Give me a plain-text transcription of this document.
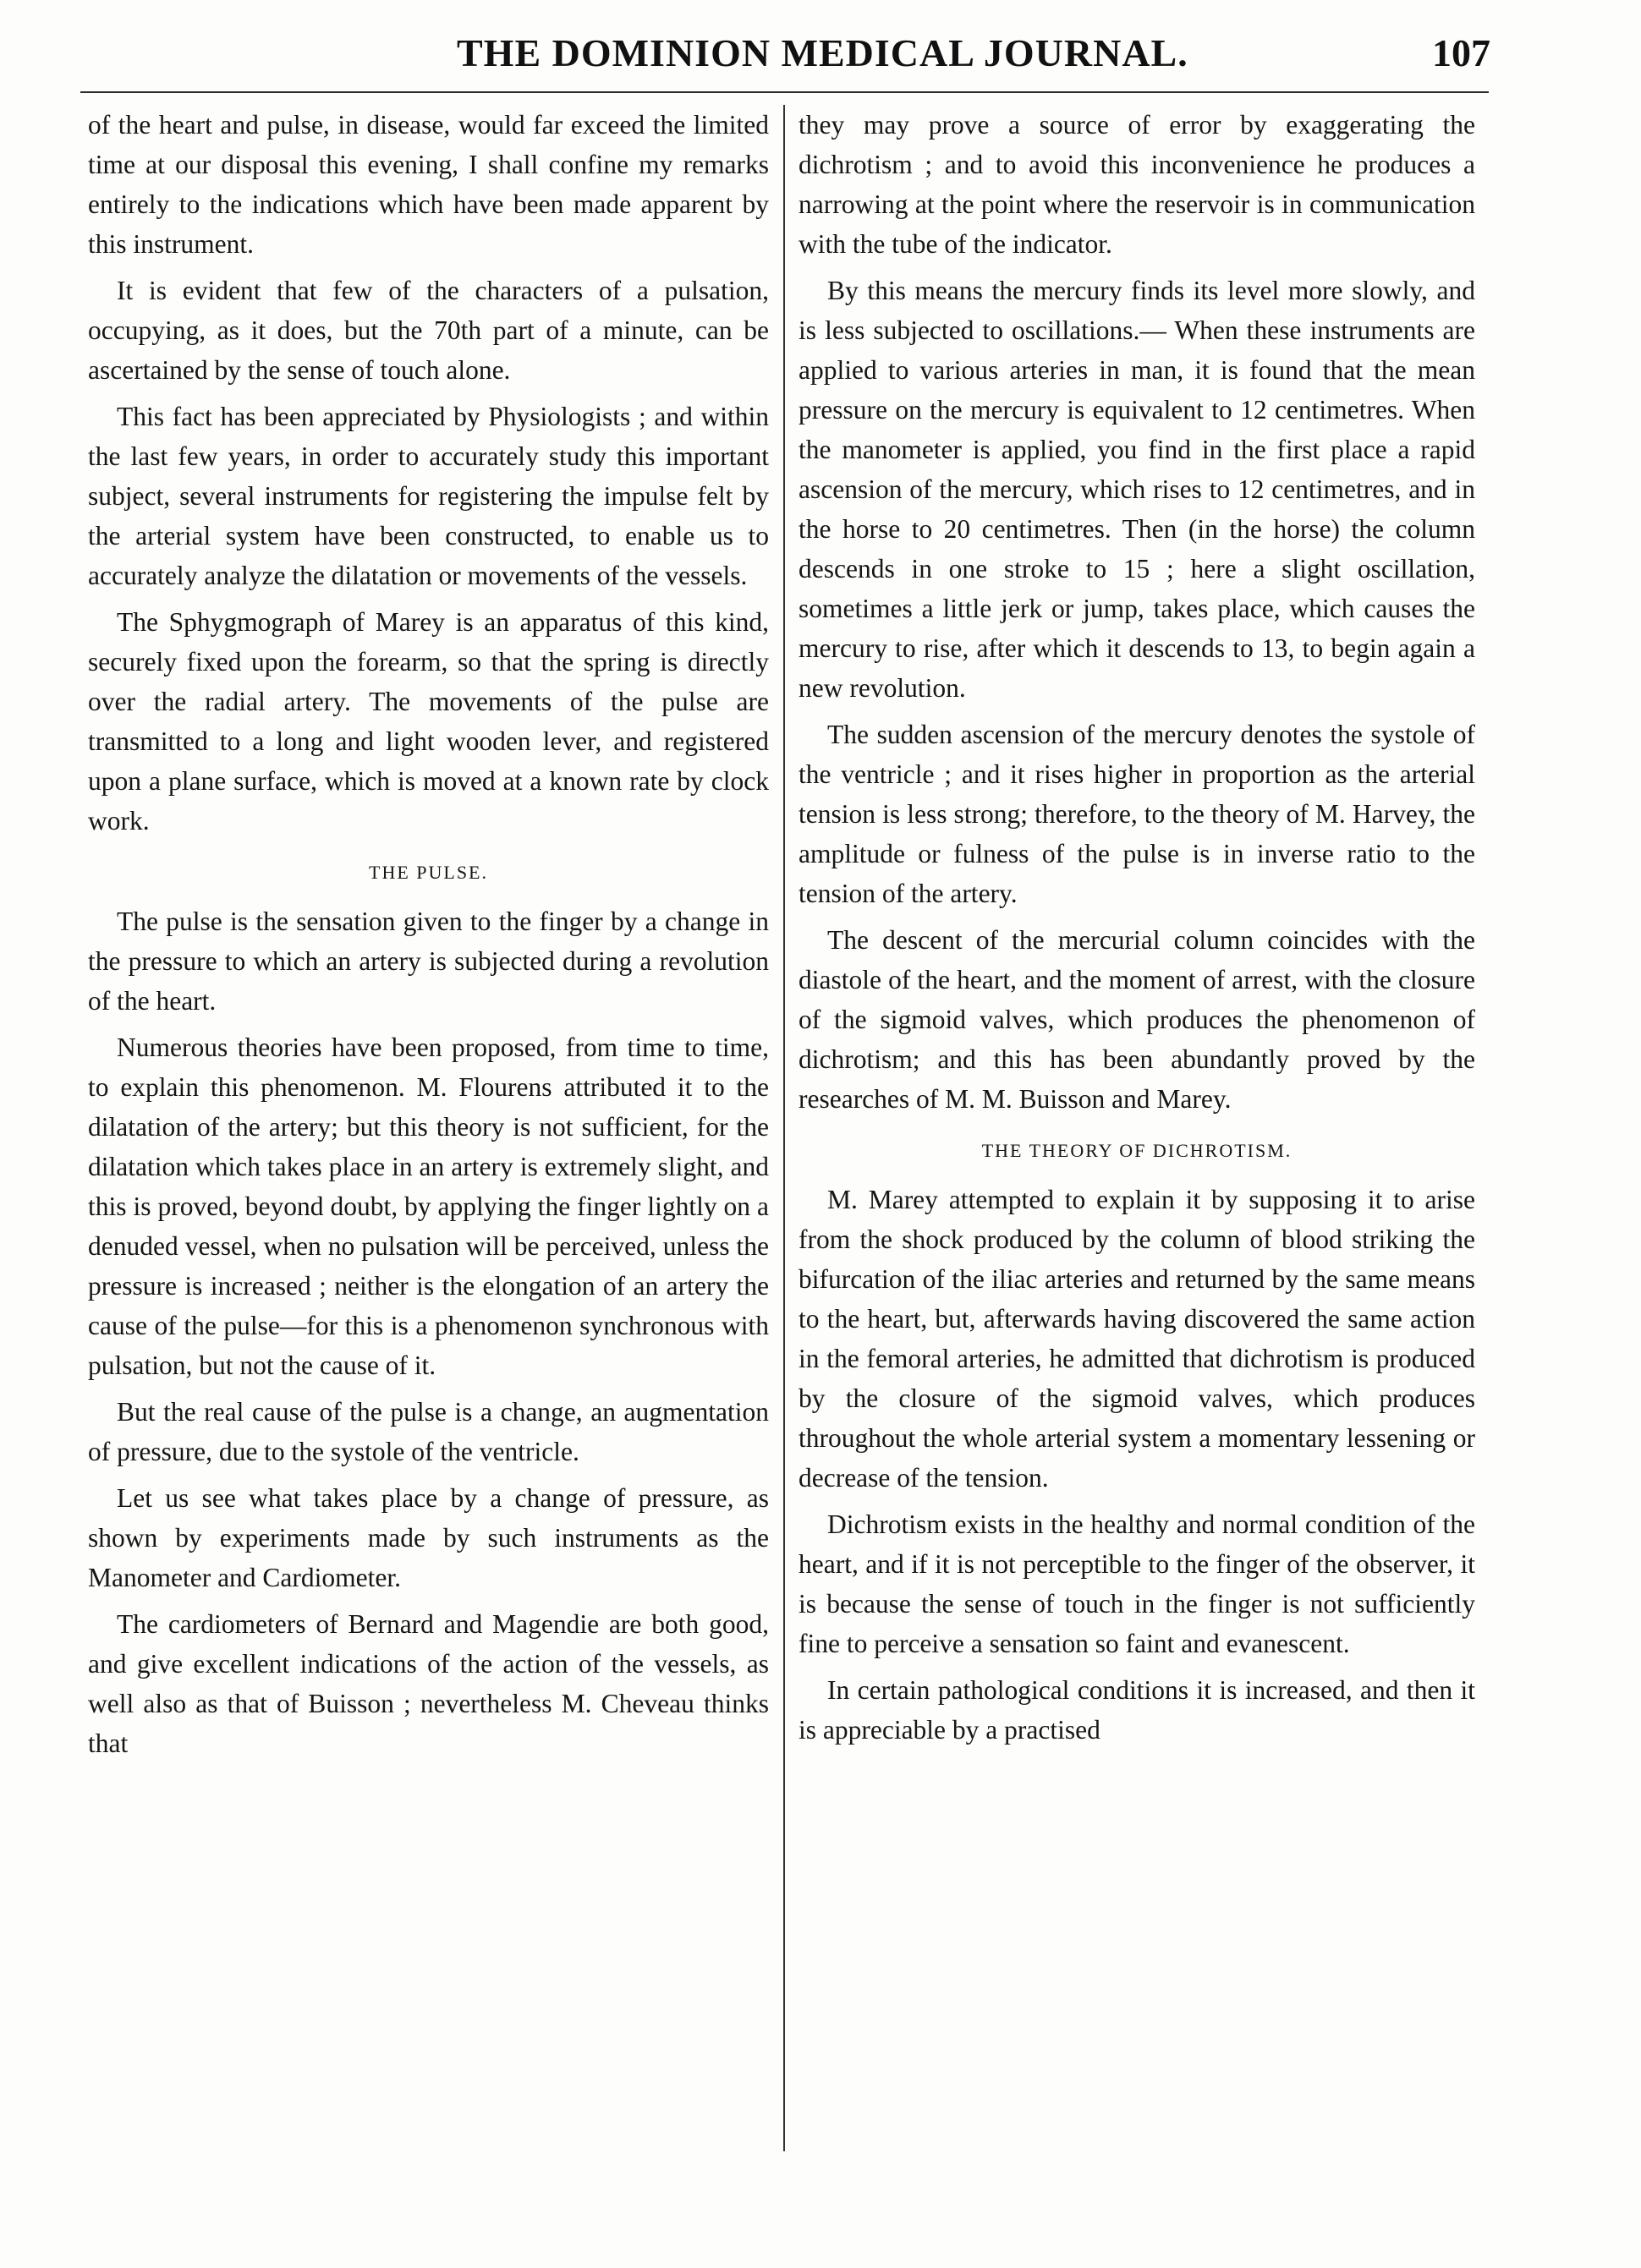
THE DOMINION MEDICAL JOURNAL.	107

of the heart and pulse, in disease, would far exceed the limited time at our disposal this evening, I shall confine my remarks entirely to the indications which have been made apparent by this instrument.

It is evident that few of the characters of a pulsation, occupying, as it does, but the 70th part of a minute, can be ascertained by the sense of touch alone.

This fact has been appreciated by Physiologists ; and within the last few years, in order to accurately study this important subject, several instruments for registering the impulse felt by the arterial system have been constructed, to enable us to accurately analyze the dilatation or movements of the vessels.

The Sphygmograph of Marey is an apparatus of this kind, securely fixed upon the forearm, so that the spring is directly over the radial artery. The movements of the pulse are transmitted to a long and light wooden lever, and registered upon a plane surface, which is moved at a known rate by clock work.

THE PULSE.

The pulse is the sensation given to the finger by a change in the pressure to which an artery is subjected during a revolution of the heart.

Numerous theories have been proposed, from time to time, to explain this phenomenon. M. Flourens attributed it to the dilatation of the artery; but this theory is not sufficient, for the dilatation which takes place in an artery is extremely slight, and this is proved, beyond doubt, by applying the finger lightly on a denuded vessel, when no pulsation will be perceived, unless the pressure is increased ; neither is the elongation of an artery the cause of the pulse—for this is a phenomenon synchronous with pulsation, but not the cause of it.

But the real cause of the pulse is a change, an augmentation of pressure, due to the systole of the ventricle.

Let us see what takes place by a change of pressure, as shown by experiments made by such instruments as the Manometer and Cardiometer.

The cardiometers of Bernard and Magendie are both good, and give excellent indications of the action of the vessels, as well also as that of Buisson ; nevertheless M. Cheveau thinks that

they may prove a source of error by exaggerating the dichrotism ; and to avoid this inconvenience he produces a narrowing at the point where the reservoir is in communication with the tube of the indicator.

By this means the mercury finds its level more slowly, and is less subjected to oscillations.— When these instruments are applied to various arteries in man, it is found that the mean pressure on the mercury is equivalent to 12 centimetres. When the manometer is applied, you find in the first place a rapid ascension of the mercury, which rises to 12 centimetres, and in the horse to 20 centimetres. Then (in the horse) the column descends in one stroke to 15 ; here a slight oscillation, sometimes a little jerk or jump, takes place, which causes the mercury to rise, after which it descends to 13, to begin again a new revolution.

The sudden ascension of the mercury denotes the systole of the ventricle ; and it rises higher in proportion as the arterial tension is less strong; therefore, to the theory of M. Harvey, the amplitude or fulness of the pulse is in inverse ratio to the tension of the artery.

The descent of the mercurial column coincides with the diastole of the heart, and the moment of arrest, with the closure of the sigmoid valves, which produces the phenomenon of dichrotism; and this has been abundantly proved by the researches of M. M. Buisson and Marey.

THE THEORY OF DICHROTISM.

M. Marey attempted to explain it by supposing it to arise from the shock produced by the column of blood striking the bifurcation of the iliac arteries and returned by the same means to the heart, but, afterwards having discovered the same action in the femoral arteries, he admitted that dichrotism is produced by the closure of the sigmoid valves, which produces throughout the whole arterial system a momentary lessening or decrease of the tension.

Dichrotism exists in the healthy and normal condition of the heart, and if it is not perceptible to the finger of the observer, it is because the sense of touch in the finger is not sufficiently fine to perceive a sensation so faint and evanescent.

In certain pathological conditions it is increased, and then it is appreciable by a practised
